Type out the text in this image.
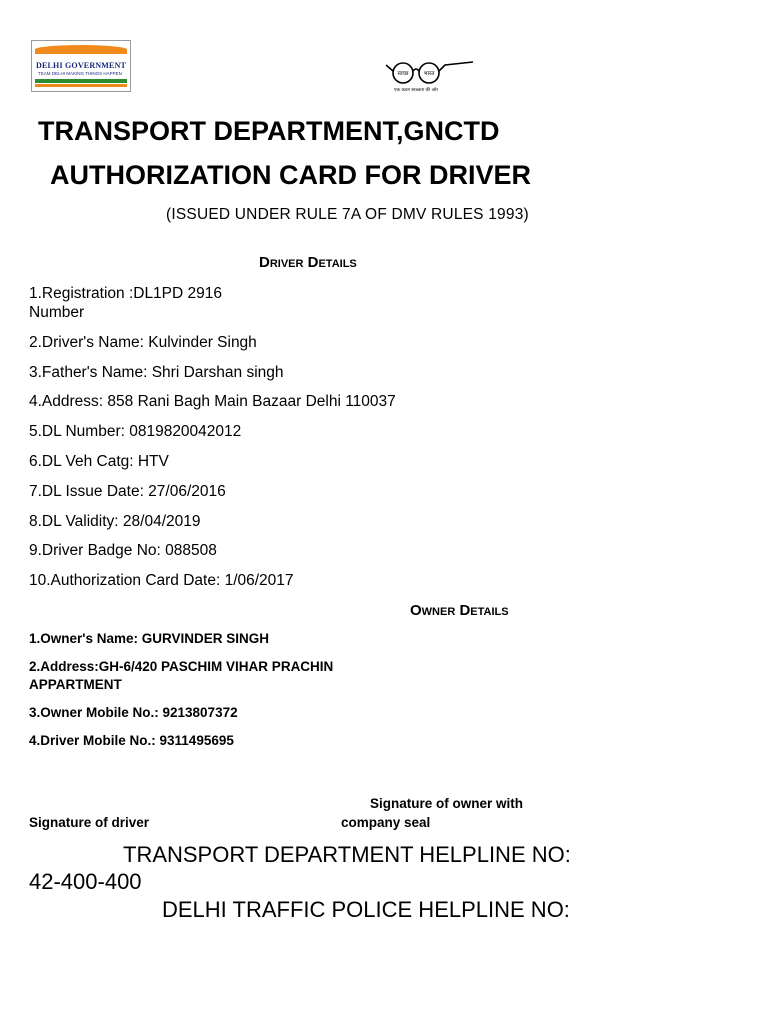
DELHI GOVERNMENT
TEAM DELHI MAKING THINGS HAPPEN	स्वच्छ	भारत
एक कदम स्वच्छता की ओर
TRANSPORT DEPARTMENT,GNCTD
AUTHORIZATION CARD FOR DRIVER
(ISSUED UNDER RULE 7A OF DMV RULES 1993)
Driver Details
1.Registration :DL1PD 2916
Number
2.Driver's Name: Kulvinder Singh
3.Father's Name: Shri Darshan singh
4.Address: 858 Rani Bagh Main Bazaar Delhi 110037
5.DL Number: 0819820042012
6.DL Veh Catg: HTV
7.DL Issue Date: 27/06/2016
8.DL Validity: 28/04/2019
9.Driver Badge No: 088508
10.Authorization Card Date: 1/06/2017
Owner Details
1.Owner's Name: GURVINDER SINGH
2.Address:GH-6/420 PASCHIM VIHAR PRACHIN
APPARTMENT
3.Owner Mobile No.: 9213807372
4.Driver Mobile No.: 9311495695
Signature of owner with
company seal
Signature of driver
TRANSPORT DEPARTMENT HELPLINE NO:
42-400-400
DELHI TRAFFIC POLICE HELPLINE NO:
